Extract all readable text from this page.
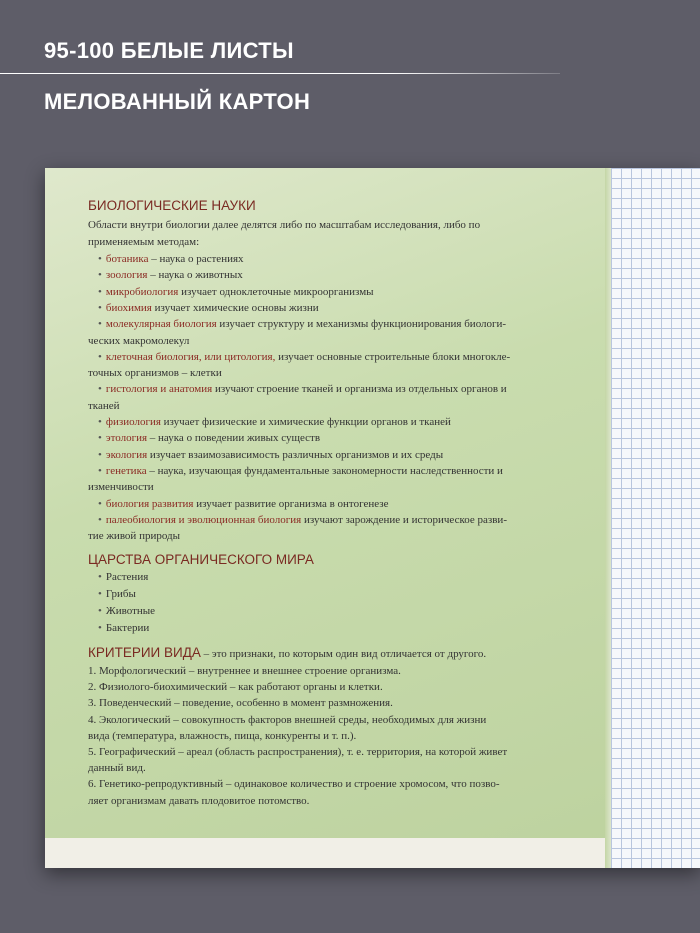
95-100 БЕЛЫЕ ЛИСТЫ
МЕЛОВАННЫЙ КАРТОН
БИОЛОГИЧЕСКИЕ НАУКИ
Области внутри биологии далее делятся либо по масштабам исследования, либо по
применяемым методам:
• ботаника – наука о растениях
• зоология – наука о животных
• микробиология изучает одноклеточные микроорганизмы
• биохимия изучает химические основы жизни
• молекулярная биология изучает структуру и механизмы функционирования биологи-
ческих макромолекул
• клеточная биология, или цитология, изучает основные строительные блоки многокле-
точных организмов – клетки
• гистология и анатомия изучают строение тканей и организма из отдельных органов и
тканей
• физиология изучает физические и химические функции органов и тканей
• этология – наука о поведении живых существ
• экология изучает взаимозависимость различных организмов и их среды
• генетика – наука, изучающая фундаментальные закономерности наследственности и
изменчивости
• биология развития изучает развитие организма в онтогенезе
• палеобиология и эволюционная биология изучают зарождение и историческое разви-
тие живой природы
ЦАРСТВА ОРГАНИЧЕСКОГО МИРА
• Растения
• Грибы
• Животные
• Бактерии
КРИТЕРИИ ВИДА – это признаки, по которым один вид отличается от другого.
1. Морфологический – внутреннее и внешнее строение организма.
2. Физиолого-биохимический – как работают органы и клетки.
3. Поведенческий – поведение, особенно в момент размножения.
4. Экологический – совокупность факторов внешней среды, необходимых для жизни
вида (температура, влажность, пища, конкуренты и т. п.).
5. Географический – ареал (область распространения), т. е. территория, на которой живет
данный вид.
6. Генетико-репродуктивный – одинаковое количество и строение хромосом, что позво-
ляет организмам давать плодовитое потомство.
